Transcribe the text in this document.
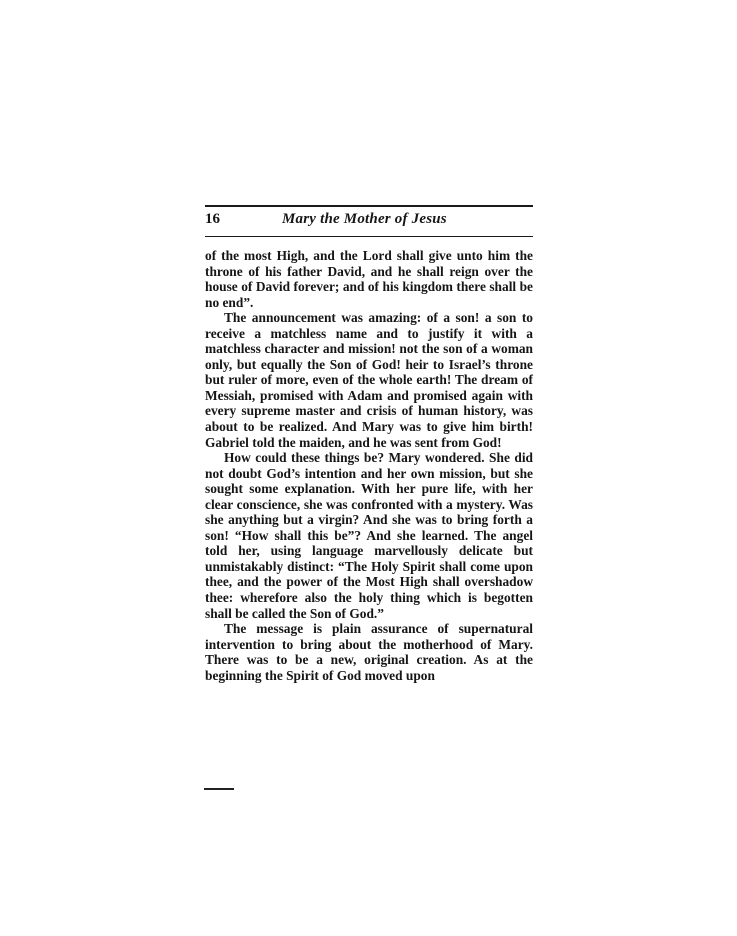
16	Mary the Mother of Jesus

of the most High, and the Lord shall give unto him the throne of his father David, and he shall reign over the house of David forever; and of his kingdom there shall be no end”.

The announcement was amazing: of a son! a son to receive a matchless name and to justify it with a matchless character and mission! not the son of a woman only, but equally the Son of God! heir to Israel’s throne but ruler of more, even of the whole earth! The dream of Messiah, promised with Adam and promised again with every supreme master and crisis of human history, was about to be realized. And Mary was to give him birth! Gabriel told the maiden, and he was sent from God!

How could these things be? Mary wondered. She did not doubt God’s intention and her own mission, but she sought some explanation. With her pure life, with her clear conscience, she was confronted with a mystery. Was she anything but a virgin? And she was to bring forth a son! “How shall this be”? And she learned. The angel told her, using language marvellously delicate but unmistakably distinct: “The Holy Spirit shall come upon thee, and the power of the Most High shall overshadow thee: wherefore also the holy thing which is begotten shall be called the Son of God.”

The message is plain assurance of supernatural intervention to bring about the motherhood of Mary. There was to be a new, original creation. As at the beginning the Spirit of God moved upon
